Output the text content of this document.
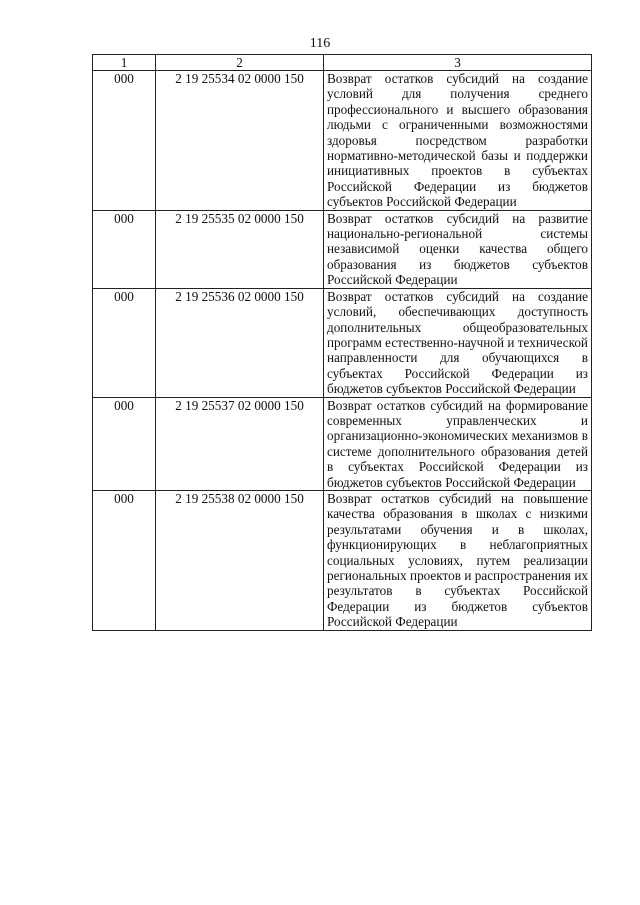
116
1	2	3
000	2 19 25534 02 0000 150	Возврат остатков субсидий на создание условий для получения среднего профессионального и высшего образования людьми с ограниченными возможностями здоровья посредством разработки нормативно-методической базы и поддержки инициативных проектов в субъектах Российской Федерации из бюджетов субъектов Российской Федерации
000	2 19 25535 02 0000 150	Возврат остатков субсидий на развитие национально-региональной системы независимой оценки качества общего образования из бюджетов субъектов Российской Федерации
000	2 19 25536 02 0000 150	Возврат остатков субсидий на создание условий, обеспечивающих доступность дополнительных общеобразовательных программ естественно-научной и технической направленности для обучающихся в субъектах Российской Федерации из бюджетов субъектов Российской Федерации
000	2 19 25537 02 0000 150	Возврат остатков субсидий на формирование современных управленческих и организационно-экономических механизмов в системе дополнительного образования детей в субъектах Российской Федерации из бюджетов субъектов Российской Федерации
000	2 19 25538 02 0000 150	Возврат остатков субсидий на повышение качества образования в школах с низкими результатами обучения и в школах, функционирующих в неблагоприятных социальных условиях, путем реализации региональных проектов и распространения их результатов в субъектах Российской Федерации из бюджетов субъектов Российской Федерации
